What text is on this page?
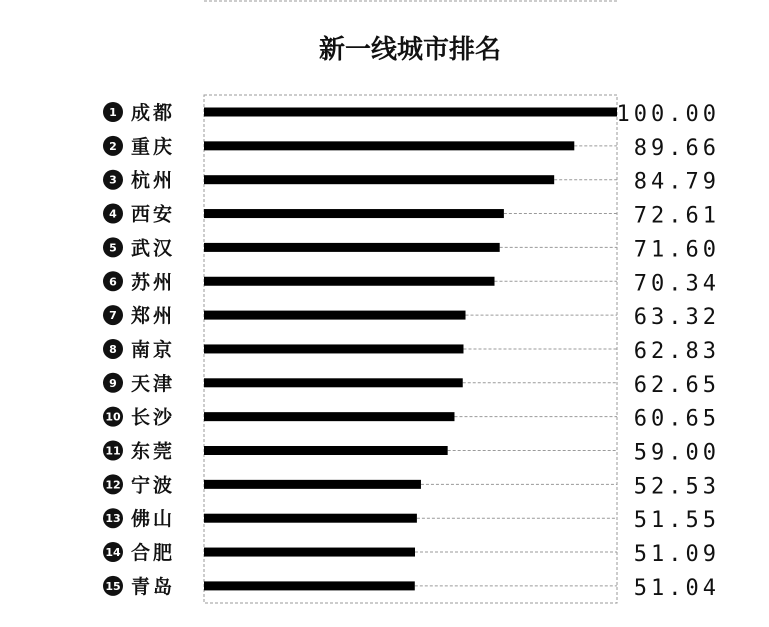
新一线城市排名
1 成都	100.00
2 重庆	89.66
3 杭州	84.79
4 西安	72.61
5 武汉	71.60
6 苏州	70.34
7 郑州	63.32
8 南京	62.83
9 天津	62.65
10 长沙	60.65
11 东莞	59.00
12 宁波	52.53
13 佛山	51.55
14 合肥	51.09
15 青岛	51.04
